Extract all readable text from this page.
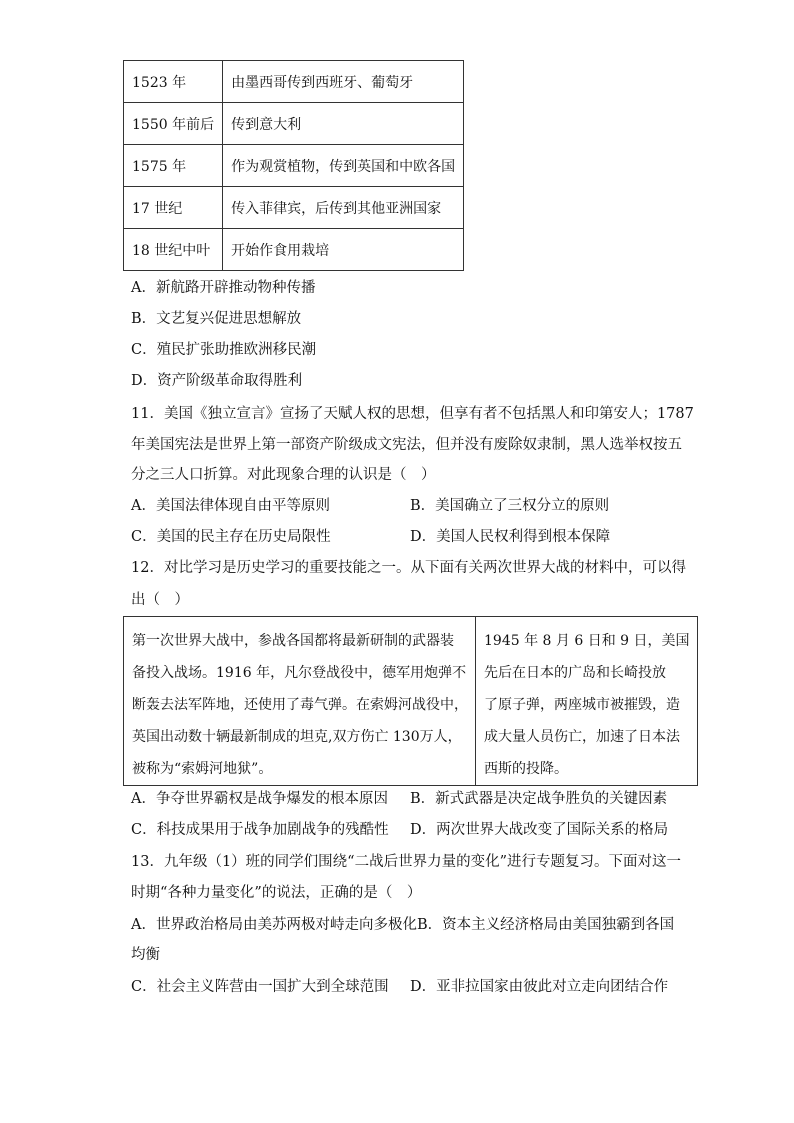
1523 年	由墨西哥传到西班牙、葡萄牙
1550 年前后	传到意大利
1575 年	作为观赏植物，传到英国和中欧各国
17 世纪	传入菲律宾，后传到其他亚洲国家
18 世纪中叶	开始作食用栽培
A．新航路开辟推动物种传播
B．文艺复兴促进思想解放
C．殖民扩张助推欧洲移民潮
D．资产阶级革命取得胜利
11．美国《独立宣言》宣扬了天赋人权的思想，但享有者不包括黑人和印第安人；1787
年美国宪法是世界上第一部资产阶级成文宪法，但并没有废除奴隶制，黑人选举权按五
分之三人口折算。对此现象合理的认识是（　）
A．美国法律体现自由平等原则	B．美国确立了三权分立的原则
C．美国的民主存在历史局限性	D．美国人民权利得到根本保障
12．对比学习是历史学习的重要技能之一。从下面有关两次世界大战的材料中，可以得
出（　）
第一次世界大战中，参战各国都将最新研制的武器装
备投入战场。1916 年，凡尔登战役中，德军用炮弹不
断轰去法军阵地，还使用了毒气弹。在索姆河战役中，
英国出动数十辆最新制成的坦克,双方伤亡 130万人，
被称为“索姆河地狱”。

1945 年 8 月 6 日和 9 日，美国
先后在日本的广岛和长崎投放
了原子弹，两座城市被摧毁，造
成大量人员伤亡，加速了日本法
西斯的投降。
A．争夺世界霸权是战争爆发的根本原因 B．新式武器是决定战争胜负的关键因素
C．科技成果用于战争加剧战争的残酷性 D．两次世界大战改变了国际关系的格局
13．九年级（1）班的同学们围绕“二战后世界力量的变化”进行专题复习。下面对这一
时期“各种力量变化”的说法，正确的是（　）
A．世界政治格局由美苏两极对峙走向多极化B．资本主义经济格局由美国独霸到各国
均衡
C．社会主义阵营由一国扩大到全球范围 D．亚非拉国家由彼此对立走向团结合作
